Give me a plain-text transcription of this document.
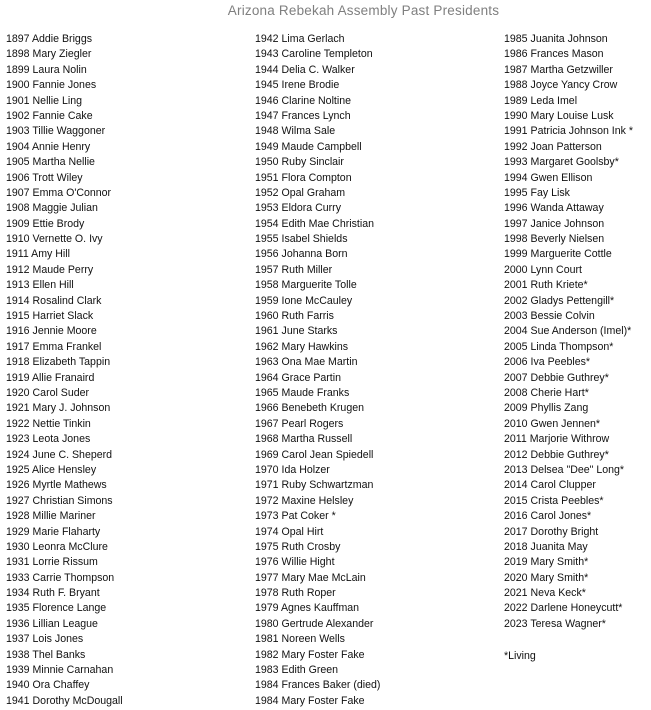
Arizona Rebekah Assembly Past Presidents
1897 Addie Briggs
1898 Mary Ziegler
1899 Laura Nolin
1900 Fannie Jones
1901 Nellie Ling
1902 Fannie Cake
1903 Tillie Waggoner
1904 Annie Henry
1905 Martha Nellie
1906 Trott Wiley
1907 Emma O'Connor
1908 Maggie Julian
1909 Ettie Brody
1910 Vernette O. Ivy
1911 Amy Hill
1912 Maude Perry
1913 Ellen Hill
1914 Rosalind Clark
1915 Harriet Slack
1916 Jennie Moore
1917 Emma Frankel
1918 Elizabeth Tappin
1919 Allie Franaird
1920 Carol Suder
1921 Mary J. Johnson
1922 Nettie Tinkin
1923 Leota Jones
1924 June C. Sheperd
1925 Alice Hensley
1926 Myrtle Mathews
1927 Christian Simons
1928 Millie Mariner
1929 Marie Flaharty
1930 Leonra McClure
1931 Lorrie Rissum
1933 Carrie Thompson
1934 Ruth F. Bryant
1935 Florence Lange
1936 Lillian League
1937 Lois Jones
1938 Thel Banks
1939 Minnie Carnahan
1940 Ora Chaffey
1941 Dorothy McDougall
1942 Lima Gerlach
1943 Caroline Templeton
1944 Delia C. Walker
1945 Irene Brodie
1946 Clarine Noltine
1947 Frances Lynch
1948 Wilma Sale
1949 Maude Campbell
1950 Ruby Sinclair
1951 Flora Compton
1952 Opal Graham
1953 Eldora Curry
1954 Edith Mae Christian
1955 Isabel Shields
1956 Johanna Born
1957 Ruth Miller
1958 Marguerite Tolle
1959 Ione McCauley
1960 Ruth Farris
1961 June Starks
1962 Mary Hawkins
1963 Ona Mae Martin
1964 Grace Partin
1965 Maude Franks
1966 Benebeth Krugen
1967 Pearl Rogers
1968 Martha Russell
1969 Carol Jean Spiedell
1970 Ida Holzer
1971 Ruby Schwartzman
1972 Maxine Helsley
1973 Pat Coker *
1974 Opal Hirt
1975 Ruth Crosby
1976 Willie Hight
1977 Mary Mae McLain
1978 Ruth Roper
1979 Agnes Kauffman
1980 Gertrude Alexander
1981 Noreen Wells
1982 Mary Foster Fake
1983 Edith Green
1984 Frances Baker (died)
1984 Mary Foster Fake
1985 Juanita Johnson
1986 Frances Mason
1987 Martha Getzwiller
1988 Joyce Yancy Crow
1989 Leda Imel
1990 Mary Louise Lusk
1991 Patricia Johnson Ink *
1992 Joan Patterson
1993 Margaret Goolsby*
1994 Gwen Ellison
1995 Fay Lisk
1996 Wanda Attaway
1997 Janice Johnson
1998 Beverly Nielsen
1999 Marguerite Cottle
2000 Lynn Court
2001 Ruth Kriete*
2002 Gladys Pettengill*
2003 Bessie Colvin
2004 Sue Anderson (Imel)*
2005 Linda Thompson*
2006 Iva Peebles*
2007 Debbie Guthrey*
2008 Cherie Hart*
2009 Phyllis Zang
2010 Gwen Jennen*
2011 Marjorie Withrow
2012 Debbie Guthrey*
2013 Delsea "Dee" Long*
2014 Carol Clupper
2015 Crista Peebles*
2016 Carol Jones*
2017 Dorothy Bright
2018 Juanita May
2019 Mary Smith*
2020 Mary Smith*
2021 Neva Keck*
2022 Darlene Honeycutt*
2023 Teresa Wagner*
*Living
